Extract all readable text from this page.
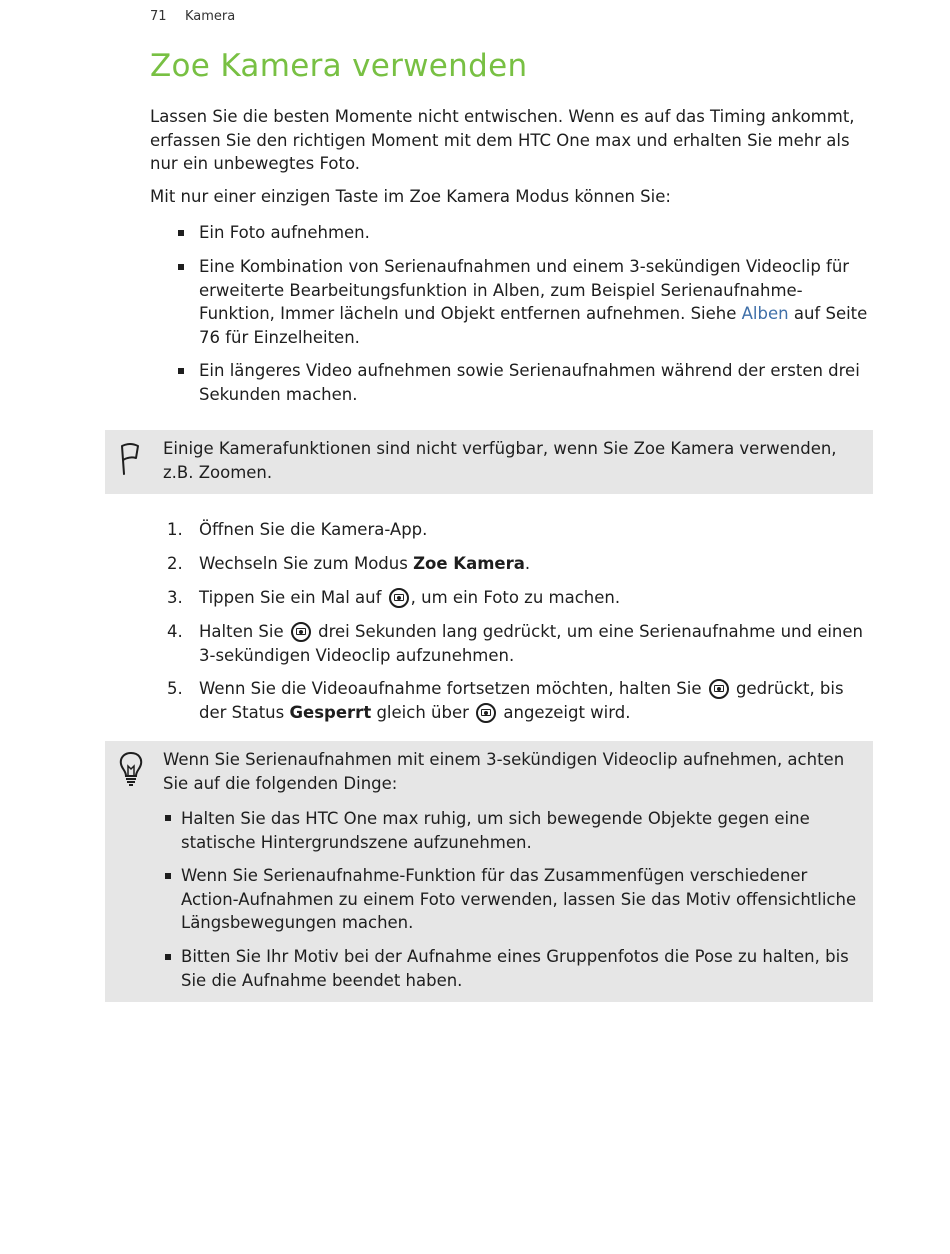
71 Kamera
Zoe Kamera verwenden
Lassen Sie die besten Momente nicht entwischen. Wenn es auf das Timing ankommt,
erfassen Sie den richtigen Moment mit dem HTC One max und erhalten Sie mehr als
nur ein unbewegtes Foto.
Mit nur einer einzigen Taste im Zoe Kamera Modus können Sie:
Ein Foto aufnehmen.
Eine Kombination von Serienaufnahmen und einem 3-sekündigen Videoclip für
erweiterte Bearbeitungsfunktion in Alben, zum Beispiel Serienaufnahme-
Funktion, Immer lächeln und Objekt entfernen aufnehmen. Siehe Alben auf Seite
76 für Einzelheiten.
Ein längeres Video aufnehmen sowie Serienaufnahmen während der ersten drei
Sekunden machen.
Einige Kamerafunktionen sind nicht verfügbar, wenn Sie Zoe Kamera verwenden,
z.B. Zoomen.
1. Öffnen Sie die Kamera-App.
2. Wechseln Sie zum Modus Zoe Kamera.
3. Tippen Sie ein Mal auf , um ein Foto zu machen.
4. Halten Sie  drei Sekunden lang gedrückt, um eine Serienaufnahme und einen
3-sekündigen Videoclip aufzunehmen.
5. Wenn Sie die Videoaufnahme fortsetzen möchten, halten Sie  gedrückt, bis
der Status Gesperrt gleich über  angezeigt wird.
Wenn Sie Serienaufnahmen mit einem 3-sekündigen Videoclip aufnehmen, achten
Sie auf die folgenden Dinge:
Halten Sie das HTC One max ruhig, um sich bewegende Objekte gegen eine
statische Hintergrundszene aufzunehmen.
Wenn Sie Serienaufnahme-Funktion für das Zusammenfügen verschiedener
Action-Aufnahmen zu einem Foto verwenden, lassen Sie das Motiv offensichtliche
Längsbewegungen machen.
Bitten Sie Ihr Motiv bei der Aufnahme eines Gruppenfotos die Pose zu halten, bis
Sie die Aufnahme beendet haben.
